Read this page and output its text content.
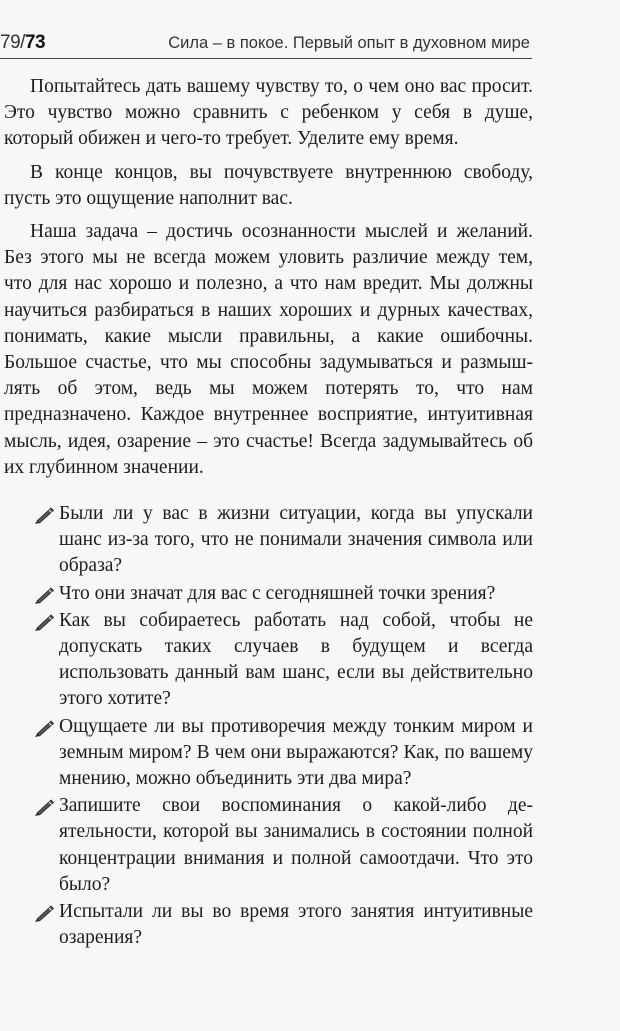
79/73	Сила – в покое. Первый опыт в духовном мире

Попытайтесь дать вашему чувству то, о чем оно вас просит. Это чувство можно сравнить с ребенком у себя в душе, который обижен и чего-то требует. Уделите ему время.

В конце концов, вы почувствуете внутреннюю свободу, пусть это ощущение наполнит вас.

Наша задача – достичь осознанности мыслей и желаний. Без этого мы не всегда можем уловить различие между тем, что для нас хорошо и полезно, а что нам вредит. Мы должны научиться разбираться в наших хороших и дурных качествах, понимать, какие мысли правильны, а какие ошибочны. Большое счастье, что мы способны задумываться и размышлять об этом, ведь мы можем потерять то, что нам предназначено. Каждое внутреннее восприятие, интуитивная мысль, идея, озарение – это счастье! Всегда задумывайтесь об их глубинном значении.

Были ли у вас в жизни ситуации, когда вы упускали шанс из-за того, что не понимали значения символа или образа?
Что они значат для вас с сегодняшней точки зрения?
Как вы собираетесь работать над собой, чтобы не допускать таких случаев в будущем и всегда использовать данный вам шанс, если вы действительно этого хотите?
Ощущаете ли вы противоречия между тонким миром и земным миром? В чем они выражаются? Как, по вашему мнению, можно объединить эти два мира?
Запишите свои воспоминания о какой-либо деятельности, которой вы занимались в состоянии полной концентрации внимания и полной самоотдачи. Что это было?
Испытали ли вы во время этого занятия интуитивные озарения?
